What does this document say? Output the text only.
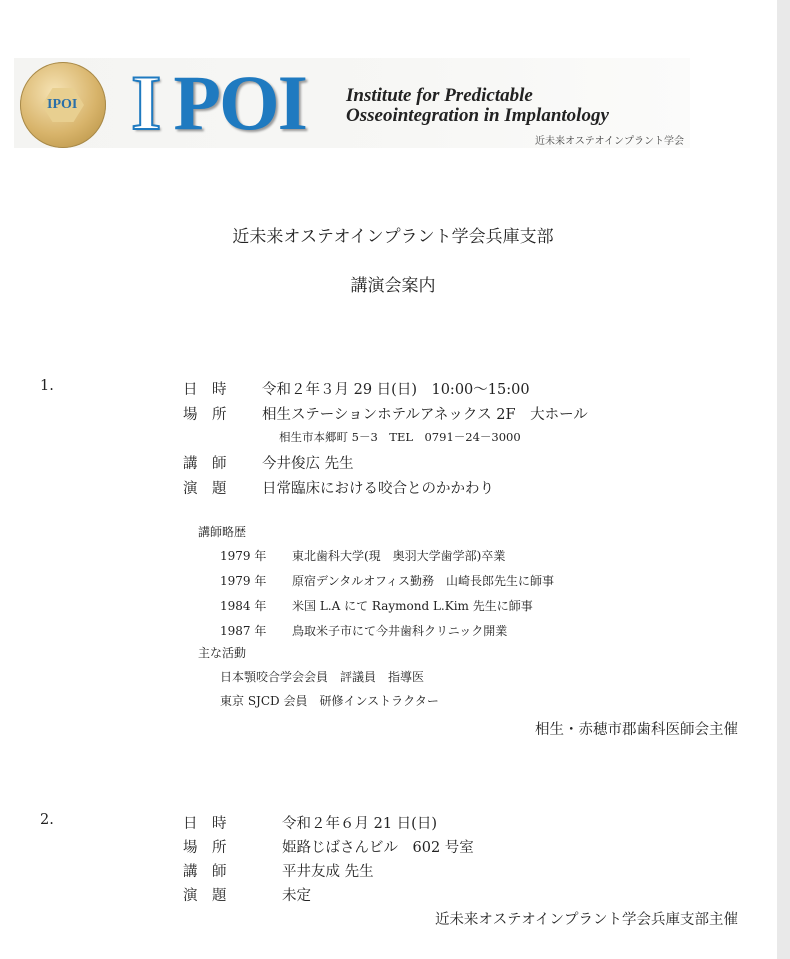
IPOI I POI Institute for Predictable
Osseointegration in Implantology
近未来オステオインプラント学会
近未来オステオインプラント学会兵庫支部
講演会案内
1.	日　時 令和２年３月 29 日(日)　10:00～15:00
場　所 相生ステーションホテルアネックス 2F　大ホール
相生市本郷町 5－3　TEL　0791－24－3000
講　師 今井俊広 先生
演　題 日常臨床における咬合とのかかわり
講師略歴
1979 年 東北歯科大学(現　奥羽大学歯学部)卒業
1979 年 原宿デンタルオフィス勤務　山崎長郎先生に師事
1984 年 米国 L.A にて Raymond L.Kim 先生に師事
1987 年 鳥取米子市にて今井歯科クリニック開業
主な活動
日本顎咬合学会会員　評議員　指導医
東京 SJCD 会員　研修インストラクター
相生・赤穂市郡歯科医師会主催
2.	日　時	令和２年６月 21 日(日)
場　所	姫路じばさんビル　602 号室
講　師	平井友成 先生
演　題	未定
近未来オステオインプラント学会兵庫支部主催
